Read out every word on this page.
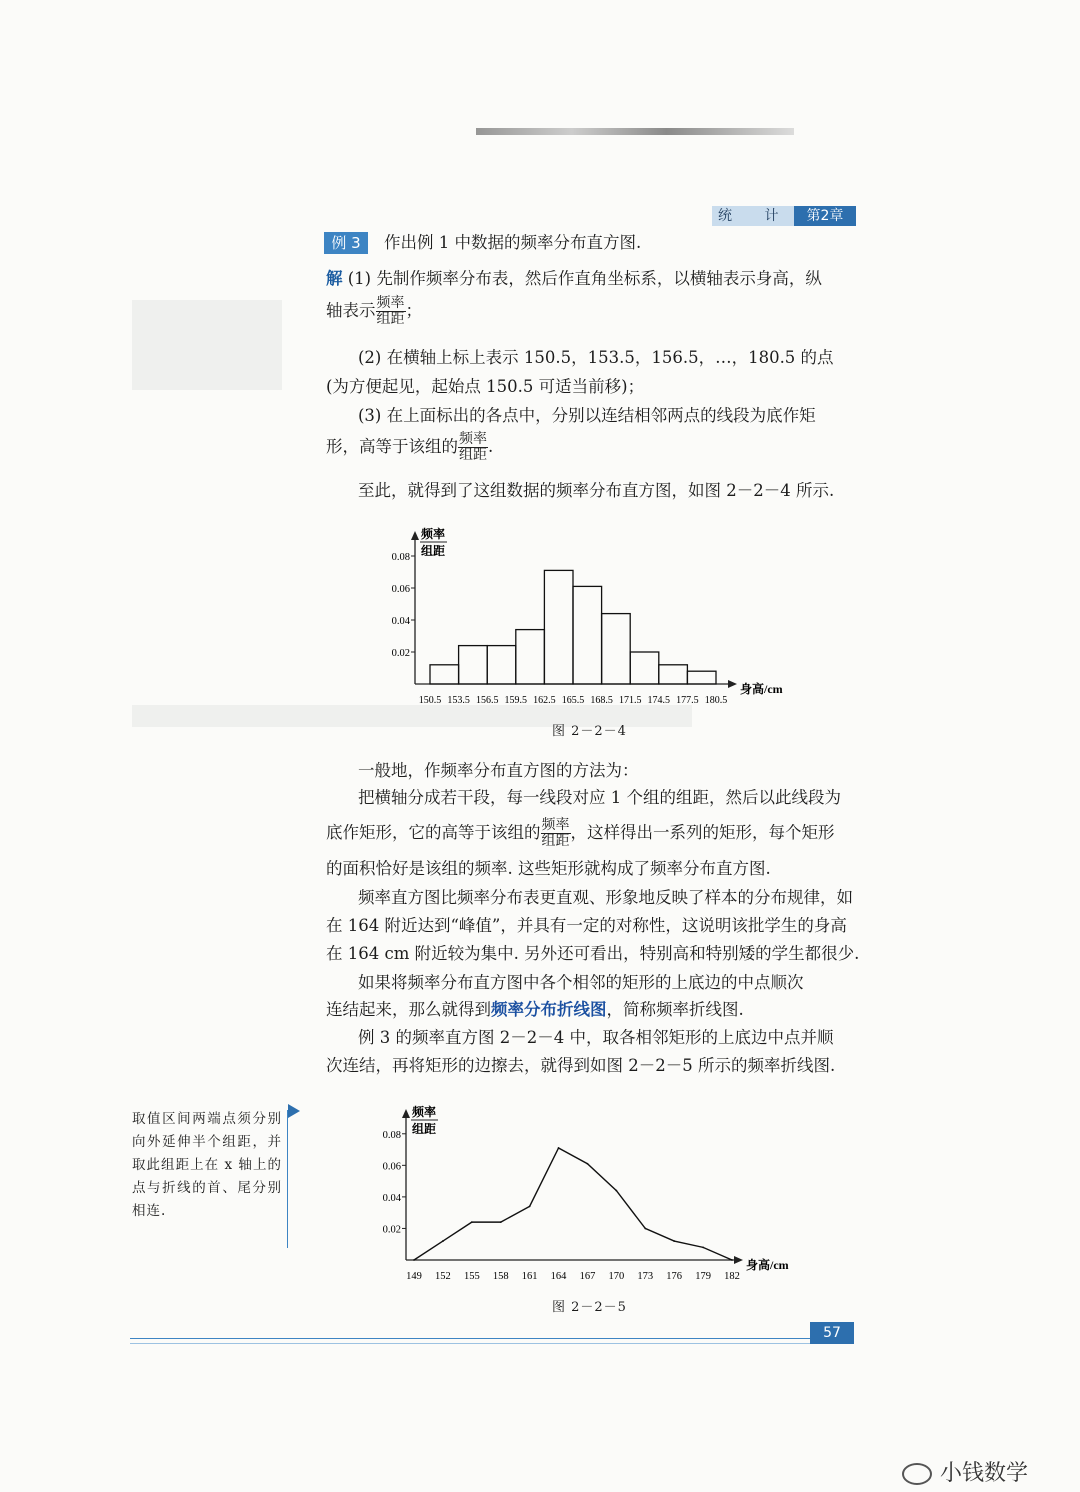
统 计	第2章
例 3	作出例 1 中数据的频率分布直方图.
解 (1) 先制作频率分布表，然后作直角坐标系，以横轴表示身高，纵
轴表示 $\frac{\text{频率}}{\text{组距}}$ ；
(2) 在横轴上标上表示 150.5，153.5，156.5，…，180.5 的点
(为方便起见，起始点 150.5 可适当前移)；
(3) 在上面标出的各点中，分别以连结相邻两点的线段为底作矩
形，高等于该组的 $\frac{\text{频率}}{\text{组距}}$ .
至此，就得到了这组数据的频率分布直方图，如图 2－2－4 所示.
频率
组距
0.02
0.04
0.06
0.08
身高/cm
150.5 153.5 156.5 159.5 162.5 165.5 168.5 171.5 174.5 177.5 180.5
图 2－2－4
一般地，作频率分布直方图的方法为：
把横轴分成若干段，每一线段对应 1 个组的组距，然后以此线段为
底作矩形，它的高等于该组的 $\frac{\text{频率}}{\text{组距}}$ ，这样得出一系列的矩形，每个矩形
的面积恰好是该组的频率. 这些矩形就构成了频率分布直方图.
频率直方图比频率分布表更直观、形象地反映了样本的分布规律，如
在 164 附近达到“峰值”，并具有一定的对称性，这说明该批学生的身高
在 164 cm 附近较为集中. 另外还可看出，特别高和特别矮的学生都很少.
如果将频率分布直方图中各个相邻的矩形的上底边的中点顺次
连结起来，那么就得到频率分布折线图，简称频率折线图.
例 3 的频率直方图 2－2－4 中，取各相邻矩形的上底边中点并顺
次连结，再将矩形的边擦去，就得到如图 2－2－5 所示的频率折线图.
取值区间两端点须分别向外延伸半个组距，并取此组距上在 x 轴上的点与折线的首、尾分别相连.
频率
组距
0.02
0.04
0.06
0.08
身高/cm
149 152 155 158 161 164 167 170 173 176 179 182
图 2－2－5
57
小钱数学
